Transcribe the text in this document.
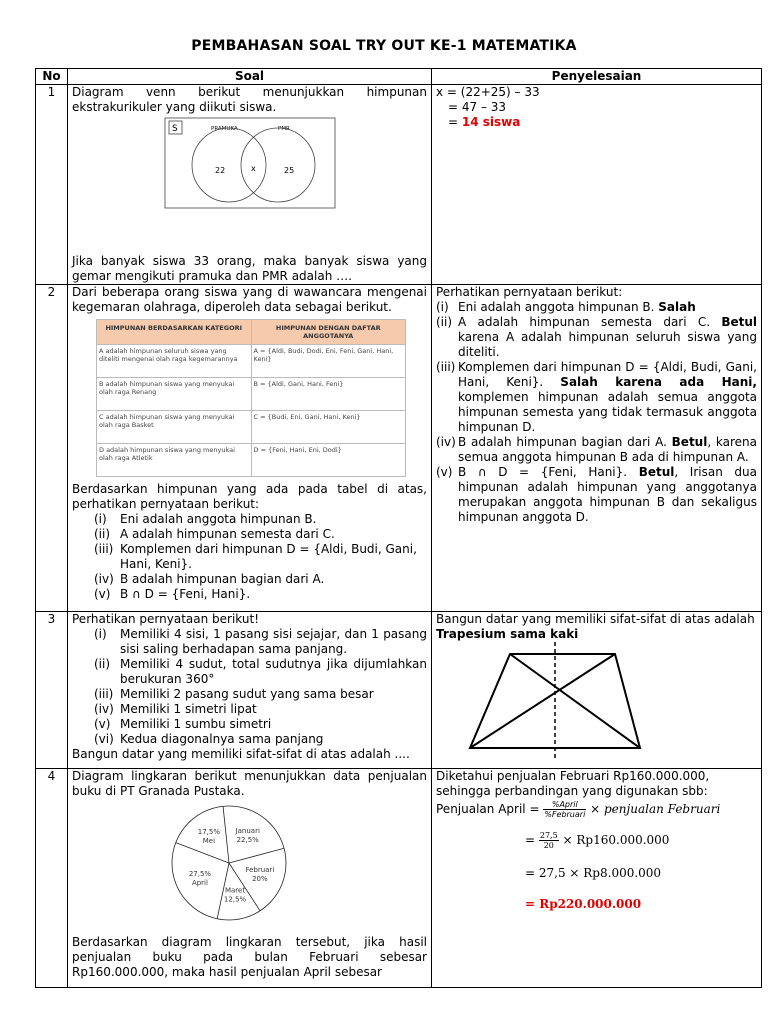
PEMBAHASAN SOAL TRY OUT KE-1 MATEMATIKA
No	Soal	Penyelesaian
1	Diagram venn berikut menunjukkan himpunan ekstrakurikuler yang diikuti siswa.
S	PRAMUKA	PMR
22	x	25
Jika banyak siswa 33 orang, maka banyak siswa yang gemar mengikuti pramuka dan PMR adalah ….

x = (22+25) – 33
= 47 – 33
= 14 siswa

2	Dari beberapa orang siswa yang di wawancara mengenai kegemaran olahraga, diperoleh data sebagai berikut.
HIMPUNAN BERDASARKAN KATEGORI	HIMPUNAN DENGAN DAFTAR ANGGOTANYA
A adalah himpunan seluruh siswa yang diteliti mengenai olah raga kegemarannya	A = {Aldi, Budi, Dodi, Eni, Feni, Gani, Hani, Keni}
B adalah himpunan siswa yang menyukai olah raga Renang	B = {Aldi, Gani, Hani, Feni}
C adalah himpunan siswa yang menyukai olah raga Basket	C = {Budi, Eni, Gani, Hani, Keni}
D adalah himpunan siswa yang menyukai olah raga Atletik	D = {Feni, Hani, Eni, Dodi}
Berdasarkan himpunan yang ada pada tabel di atas, perhatikan pernyataan berikut:
(i)	Eni adalah anggota himpunan B.
(ii) A adalah himpunan semesta dari C.
(iii) Komplemen dari himpunan D = {Aldi, Budi, Gani, Hani, Keni}.
(iv) B adalah himpunan bagian dari A.
(v) B ∩ D = {Feni, Hani}.

Perhatikan pernyataan berikut:
(i) Eni adalah anggota himpunan B. Salah
(ii) A adalah himpunan semesta dari C. Betul karena A adalah himpunan seluruh siswa yang diteliti.
(iii) Komplemen dari himpunan D = {Aldi, Budi, Gani, Hani, Keni}. Salah karena ada Hani, komplemen himpunan adalah semua anggota himpunan semesta yang tidak termasuk anggota himpunan D.
(iv) B adalah himpunan bagian dari A. Betul, karena semua anggota himpunan B ada di himpunan A.
(v) B ∩ D = {Feni, Hani}. Betul, Irisan dua himpunan adalah himpunan yang anggotanya merupakan anggota himpunan B dan sekaligus himpunan anggota D.

3	Perhatikan pernyataan berikut!
(i)	Memiliki 4 sisi, 1 pasang sisi sejajar, dan 1 pasang sisi saling berhadapan sama panjang.
(ii) Memiliki 4 sudut, total sudutnya jika dijumlahkan berukuran 360°
(iii) Memiliki 2 pasang sudut yang sama besar
(iv) Memiliki 1 simetri lipat
(v) Memiliki 1 sumbu simetri
(vi) Kedua diagonalnya sama panjang
Bangun datar yang memiliki sifat-sifat di atas adalah ....

Bangun datar yang memiliki sifat-sifat di atas adalah Trapesium sama kaki

4	Diagram lingkaran berikut menunjukkan data penjualan buku di PT Granada Pustaka.
Januari
22,5%
Februari
20%
Maret
12,5%
27,5%
April
17,5%
Mei
Berdasarkan diagram lingkaran tersebut, jika hasil penjualan buku pada bulan Februari sebesar Rp160.000.000, maka hasil penjualan April sebesar

Diketahui penjualan Februari Rp160.000.000, sehingga perbandingan yang digunakan sbb:
Penjualan April = $\frac{\text{\%April}}{\text{\%Februari}}$ × penjualan Februari
= $\frac{27,5}{20} \times Rp160.000.000$
= 27,5 × Rp8.000.000
= Rp220.000.000
